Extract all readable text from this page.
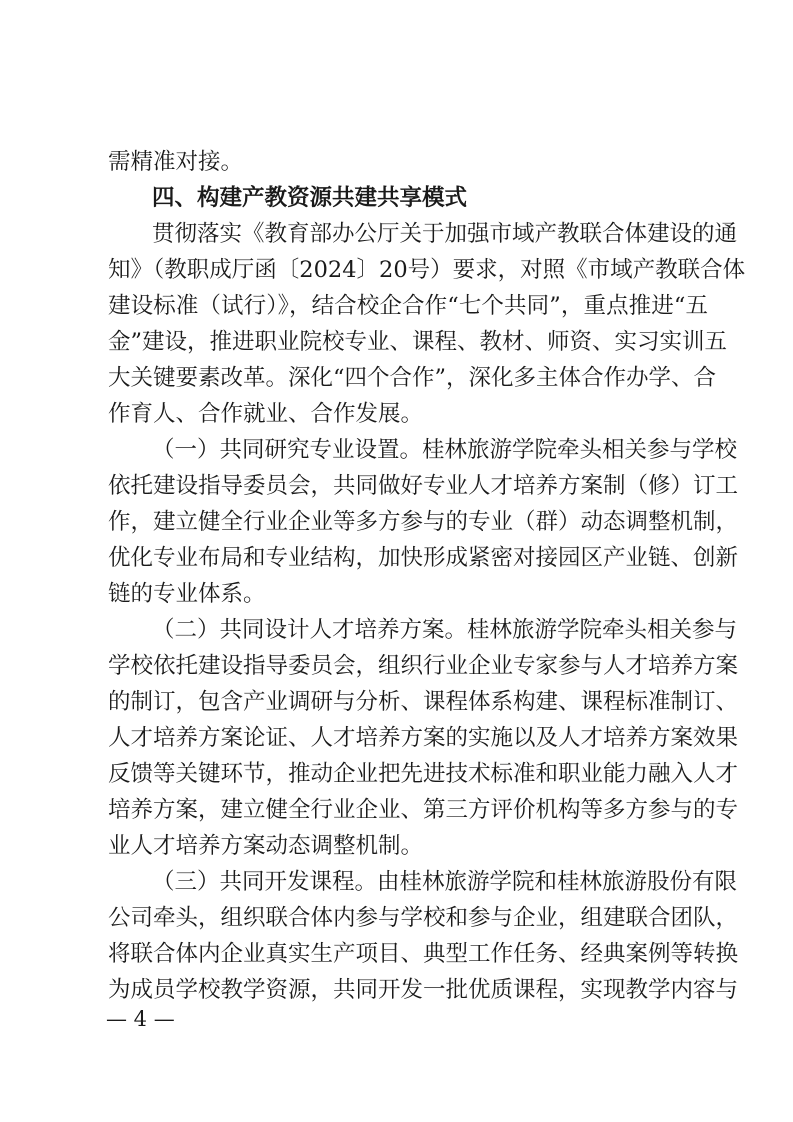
需精准对接。
四、构建产教资源共建共享模式
贯彻落实《教育部办公厅关于加强市域产教联合体建设的通
知》（教职成厅函〔2024〕20号）要求，对照《市域产教联合体
建设标准（试行）》，结合校企合作“七个共同”，重点推进“五
金”建设，推进职业院校专业、课程、教材、师资、实习实训五
大关键要素改革。深化“四个合作”，深化多主体合作办学、合
作育人、合作就业、合作发展。
（一）共同研究专业设置。桂林旅游学院牵头相关参与学校
依托建设指导委员会，共同做好专业人才培养方案制（修）订工
作，建立健全行业企业等多方参与的专业（群）动态调整机制，
优化专业布局和专业结构，加快形成紧密对接园区产业链、创新
链的专业体系。
（二）共同设计人才培养方案。桂林旅游学院牵头相关参与
学校依托建设指导委员会，组织行业企业专家参与人才培养方案
的制订，包含产业调研与分析、课程体系构建、课程标准制订、
人才培养方案论证、人才培养方案的实施以及人才培养方案效果
反馈等关键环节，推动企业把先进技术标准和职业能力融入人才
培养方案，建立健全行业企业、第三方评价机构等多方参与的专
业人才培养方案动态调整机制。
（三）共同开发课程。由桂林旅游学院和桂林旅游股份有限
公司牵头，组织联合体内参与学校和参与企业，组建联合团队，
将联合体内企业真实生产项目、典型工作任务、经典案例等转换
为成员学校教学资源，共同开发一批优质课程，实现教学内容与
— 4 —
